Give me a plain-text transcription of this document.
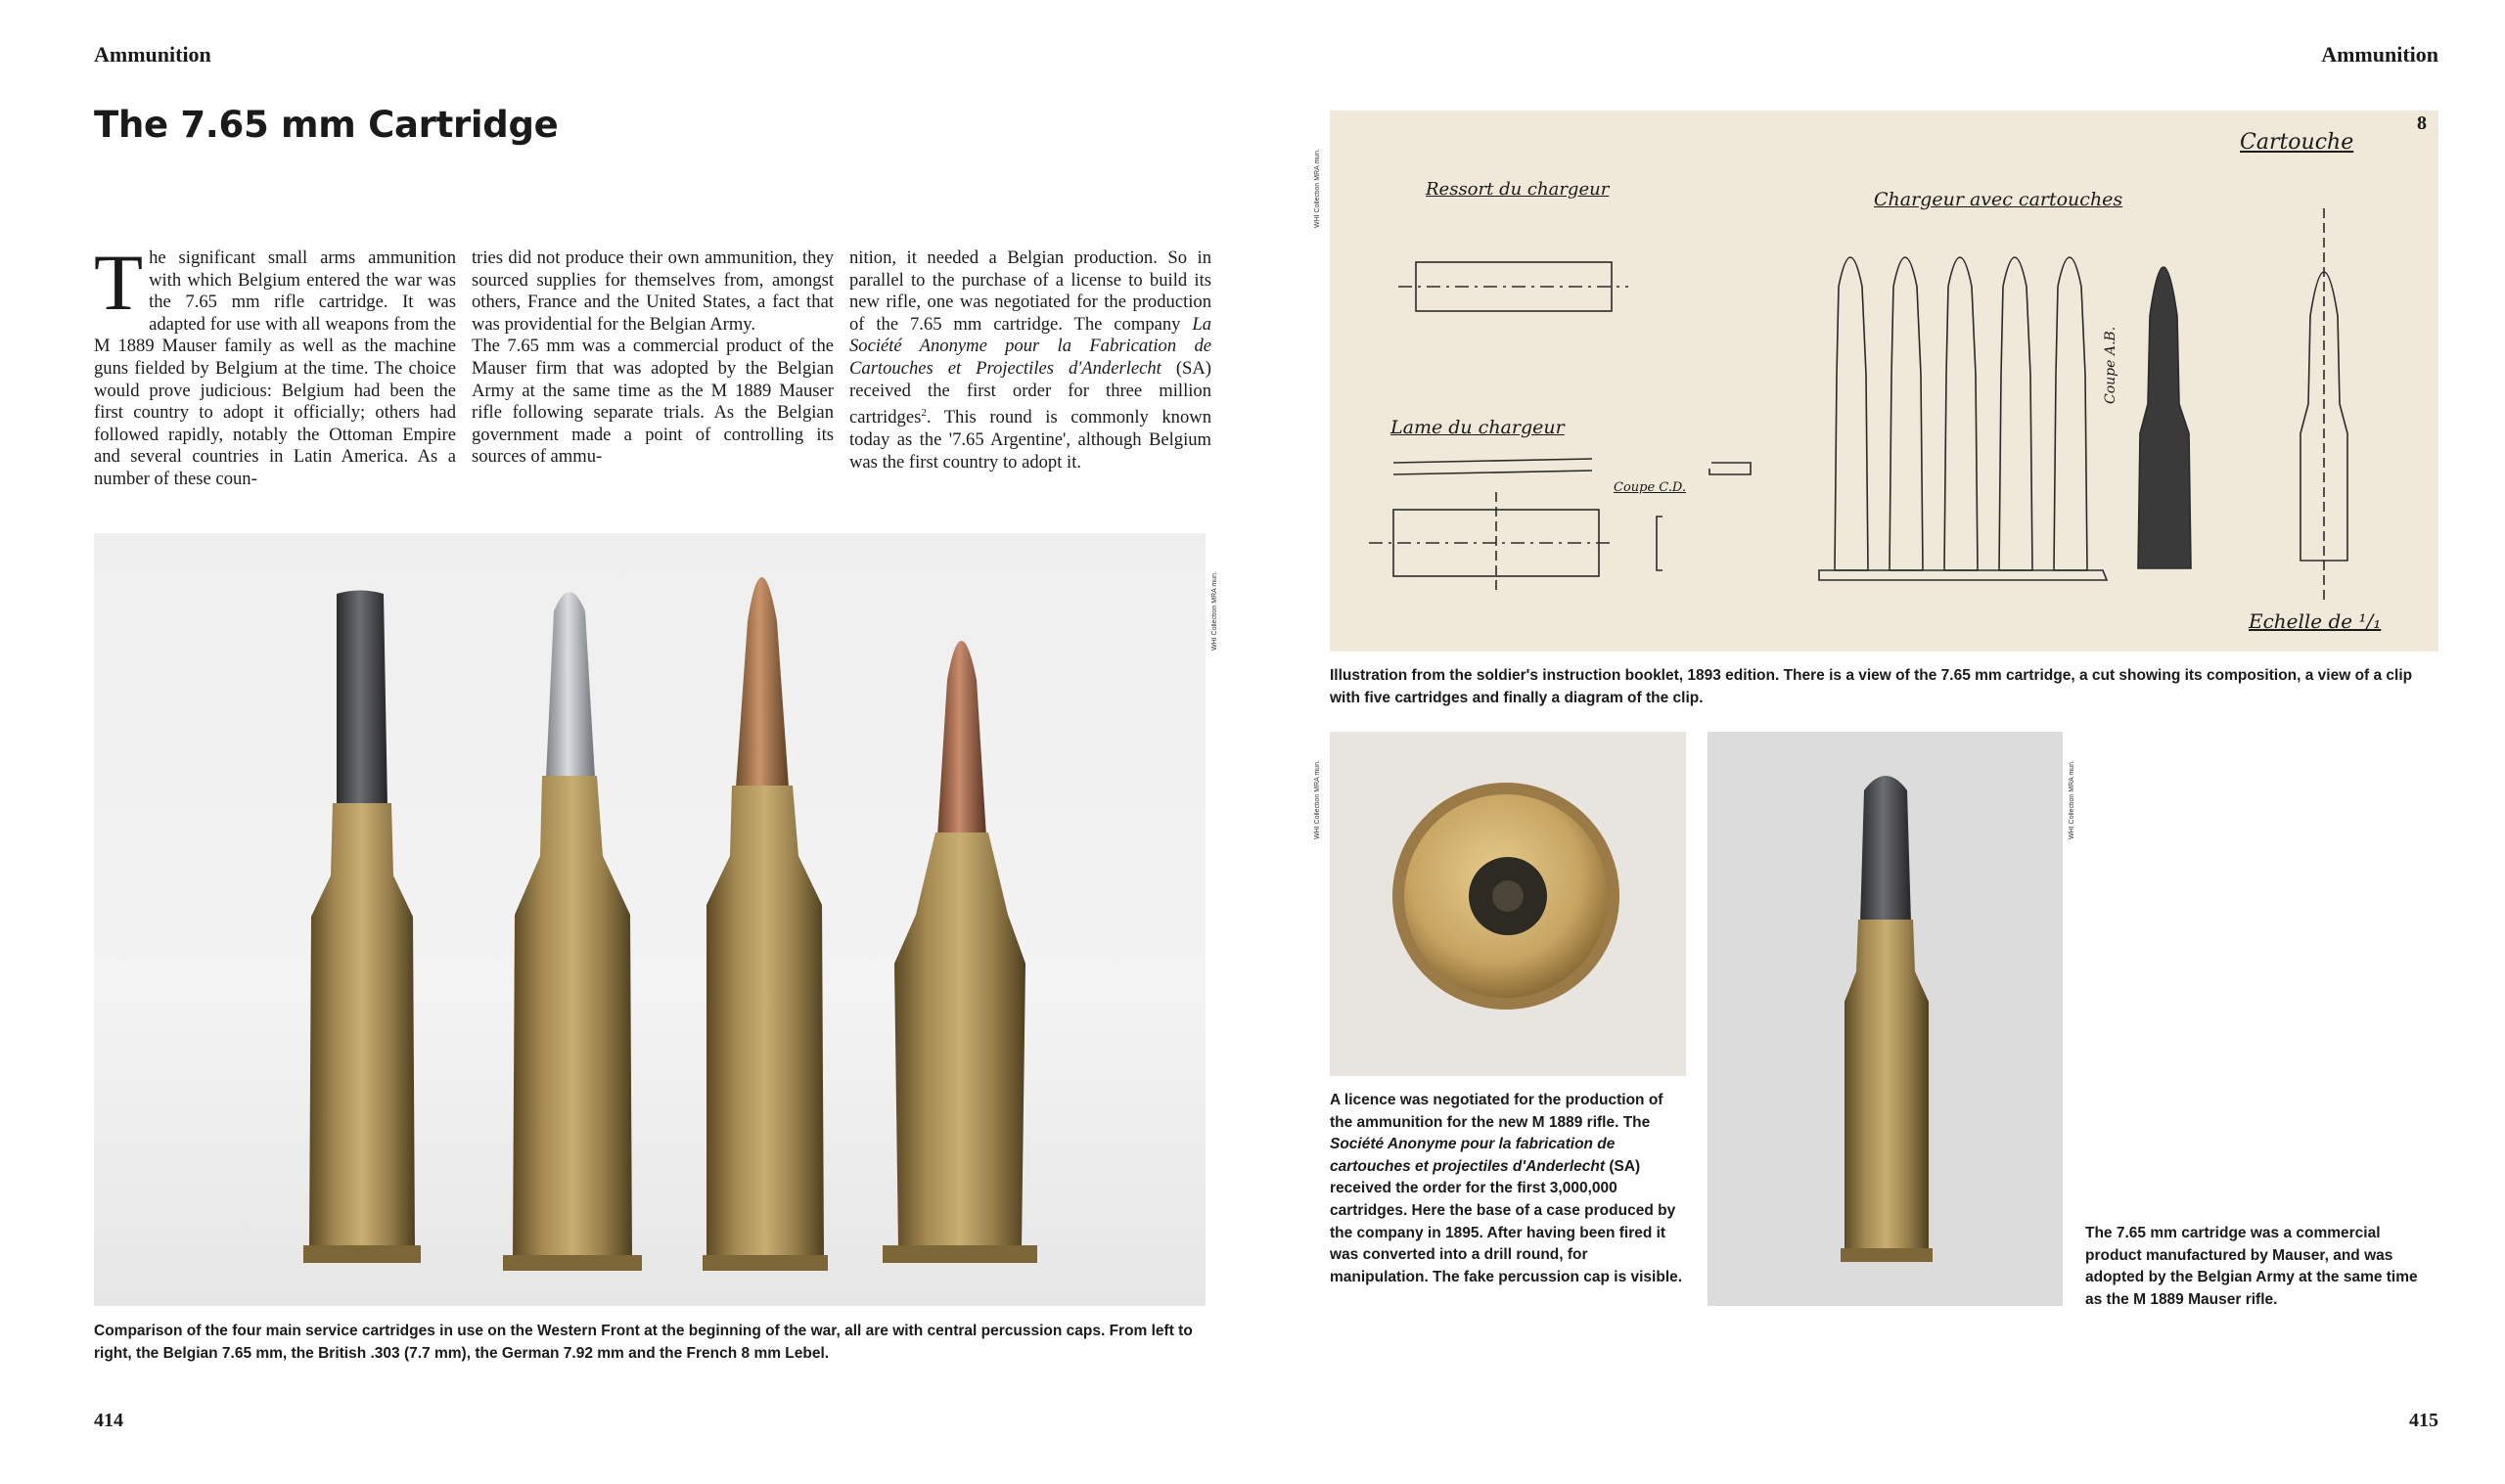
Ammunition
The 7.65 mm Cartridge
The significant small arms ammunition with which Belgium entered the war was the 7.65 mm rifle cartridge. It was adapted for use with all weapons from the M 1889 Mauser family as well as the machine guns fielded by Belgium at the time. The choice would prove judicious: Belgium had been the first country to adopt it officially; others had followed rapidly, notably the Ottoman Empire and several countries in Latin America. As a number of these coun-
tries did not produce their own ammunition, they sourced supplies for themselves from, amongst others, France and the United States, a fact that was providential for the Belgian Army.
The 7.65 mm was a commercial product of the Mauser firm that was adopted by the Belgian Army at the same time as the M 1889 Mauser rifle following separate trials. As the Belgian government made a point of controlling its sources of ammu-
nition, it needed a Belgian production. So in parallel to the purchase of a license to build its new rifle, one was negotiated for the production of the 7.65 mm cartridge. The company La Société Anonyme pour la Fabrication de Cartouches et Projectiles d'Anderlecht (SA) received the first order for three million cartridges$^2$. This round is commonly known today as the '7.65 Argentine', although Belgium was the first country to adopt it.
WHI Collection MRA mun.
Comparison of the four main service cartridges in use on the Western Front at the beginning of the war, all are with central percussion caps. From left to right, the Belgian 7.65 mm, the British .303 (7.7 mm), the German 7.92 mm and the French 8 mm Lebel.
414
Ammunition
WHI Collection MRA mun.
8
Cartouche
Chargeur avec cartouches
Ressort du chargeur
Lame du chargeur
Coupe C.D.
Coupe A.B.
Echelle de ¹/₁
Illustration from the soldier's instruction booklet, 1893 edition. There is a view of the 7.65 mm cartridge, a cut showing its composition, a view of a clip with five cartridges and finally a diagram of the clip.
WHI Collection MRA mun.
A licence was negotiated for the production of the ammunition for the new M 1889 rifle. The Société Anonyme pour la fabrication de cartouches et projectiles d'Anderlecht (SA) received the order for the first 3,000,000 cartridges. Here the base of a case produced by the company in 1895. After having been fired it was converted into a drill round, for manipulation. The fake percussion cap is visible.
WHI Collection MRA mun.
The 7.65 mm cartridge was a commercial product manufactured by Mauser, and was adopted by the Belgian Army at the same time as the M 1889 Mauser rifle.
415
